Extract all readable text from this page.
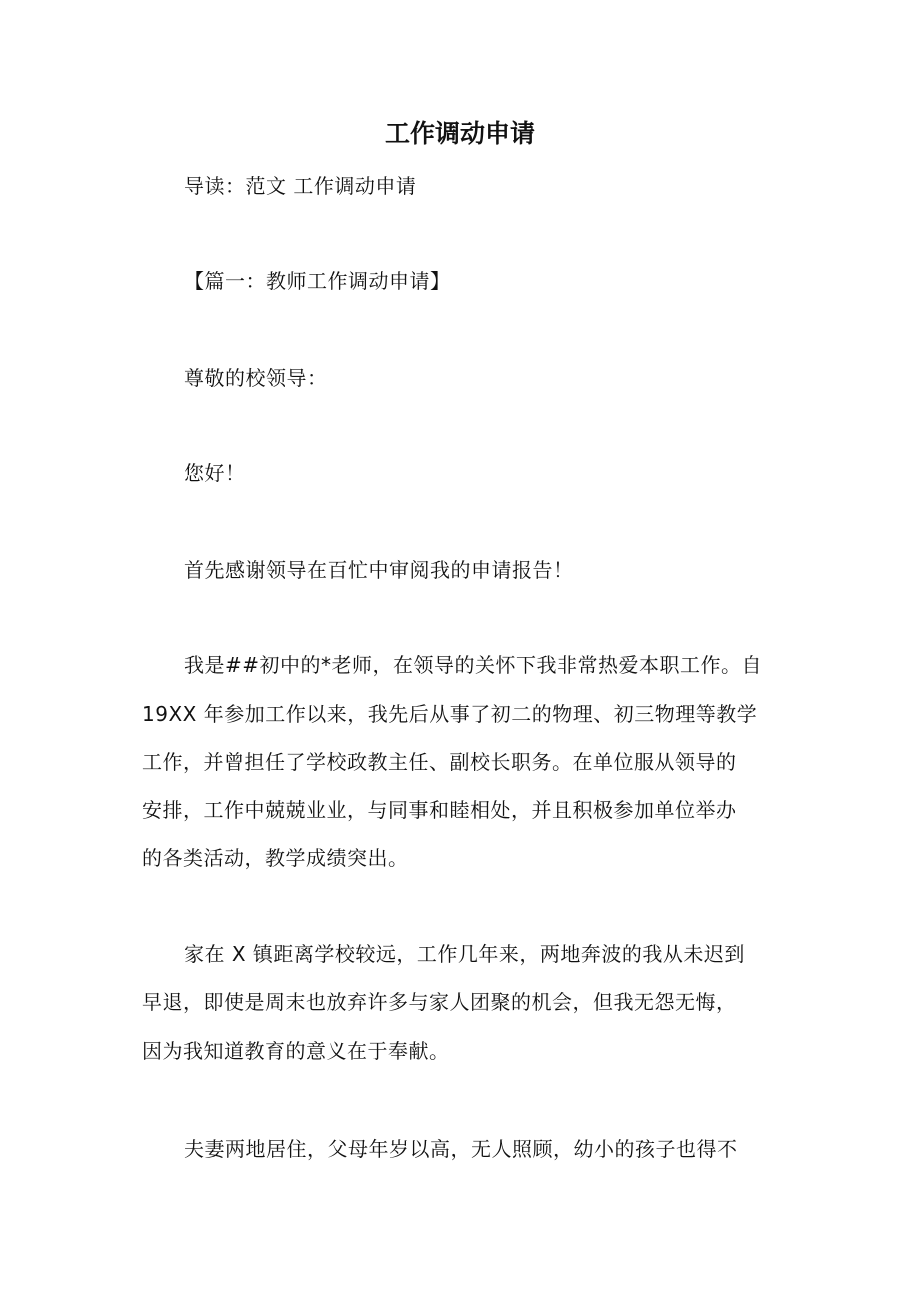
工作调动申请
导读：范文 工作调动申请
【篇一：教师工作调动申请】
尊敬的校领导：
您好！
首先感谢领导在百忙中审阅我的申请报告！
我是##初中的*老师，在领导的关怀下我非常热爱本职工作。自
19XX 年参加工作以来，我先后从事了初二的物理、初三物理等教学
工作，并曾担任了学校政教主任、副校长职务。在单位服从领导的
安排，工作中兢兢业业，与同事和睦相处，并且积极参加单位举办
的各类活动，教学成绩突出。
家在 X 镇距离学校较远，工作几年来，两地奔波的我从未迟到
早退，即使是周末也放弃许多与家人团聚的机会，但我无怨无悔，
因为我知道教育的意义在于奉献。
夫妻两地居住，父母年岁以高，无人照顾，幼小的孩子也得不
